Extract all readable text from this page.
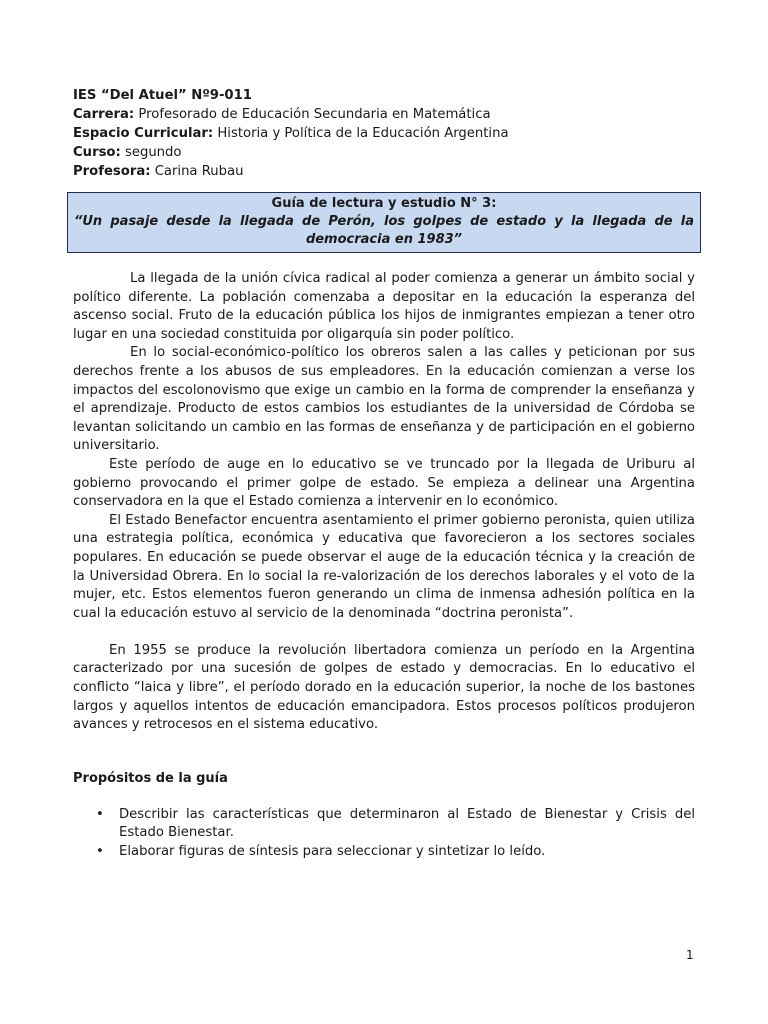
IES “Del Atuel” Nº9-011
Carrera: Profesorado de Educación Secundaria en Matemática
Espacio Curricular: Historia y Política de la Educación Argentina
Curso: segundo
Profesora: Carina Rubau
Guía de lectura y estudio N° 3:
“Un pasaje desde la llegada de Perón, los golpes de estado y la llegada de la democracia en 1983”

La llegada de la unión cívica radical al poder comienza a generar un ámbito social y político diferente. La población comenzaba a depositar en la educación la esperanza del ascenso social. Fruto de la educación pública los hijos de inmigrantes empiezan a tener otro lugar en una sociedad constituida por oligarquía sin poder político.

En lo social-económico-político los obreros salen a las calles y peticionan por sus derechos frente a los abusos de sus empleadores. En la educación comienzan a verse los impactos del escolonovismo que exige un cambio en la forma de comprender la enseñanza y el aprendizaje. Producto de estos cambios los estudiantes de la universidad de Córdoba se levantan solicitando un cambio en las formas de enseñanza y de participación en el gobierno universitario.

Este período de auge en lo educativo se ve truncado por la llegada de Uriburu al gobierno provocando el primer golpe de estado. Se empieza a delinear una Argentina conservadora en la que el Estado comienza a intervenir en lo económico.

El Estado Benefactor encuentra asentamiento el primer gobierno peronista, quien utiliza una estrategia política, económica y educativa que favorecieron a los sectores sociales populares. En educación se puede observar el auge de la educación técnica y la creación de la Universidad Obrera. En lo social la re-valorización de los derechos laborales y el voto de la mujer, etc. Estos elementos fueron generando un clima de inmensa adhesión política en la cual la educación estuvo al servicio de la denominada “doctrina peronista”.

En 1955 se produce la revolución libertadora comienza un período en la Argentina caracterizado por una sucesión de golpes de estado y democracias. En lo educativo el conflicto “laica y libre”, el período dorado en la educación superior, la noche de los bastones largos y aquellos intentos de educación emancipadora. Estos procesos políticos produjeron avances y retrocesos en el sistema educativo.

Propósitos de la guía
• Describir las características que determinaron al Estado de Bienestar y Crisis del Estado Bienestar.
• Elaborar figuras de síntesis para seleccionar y sintetizar lo leído.
1
